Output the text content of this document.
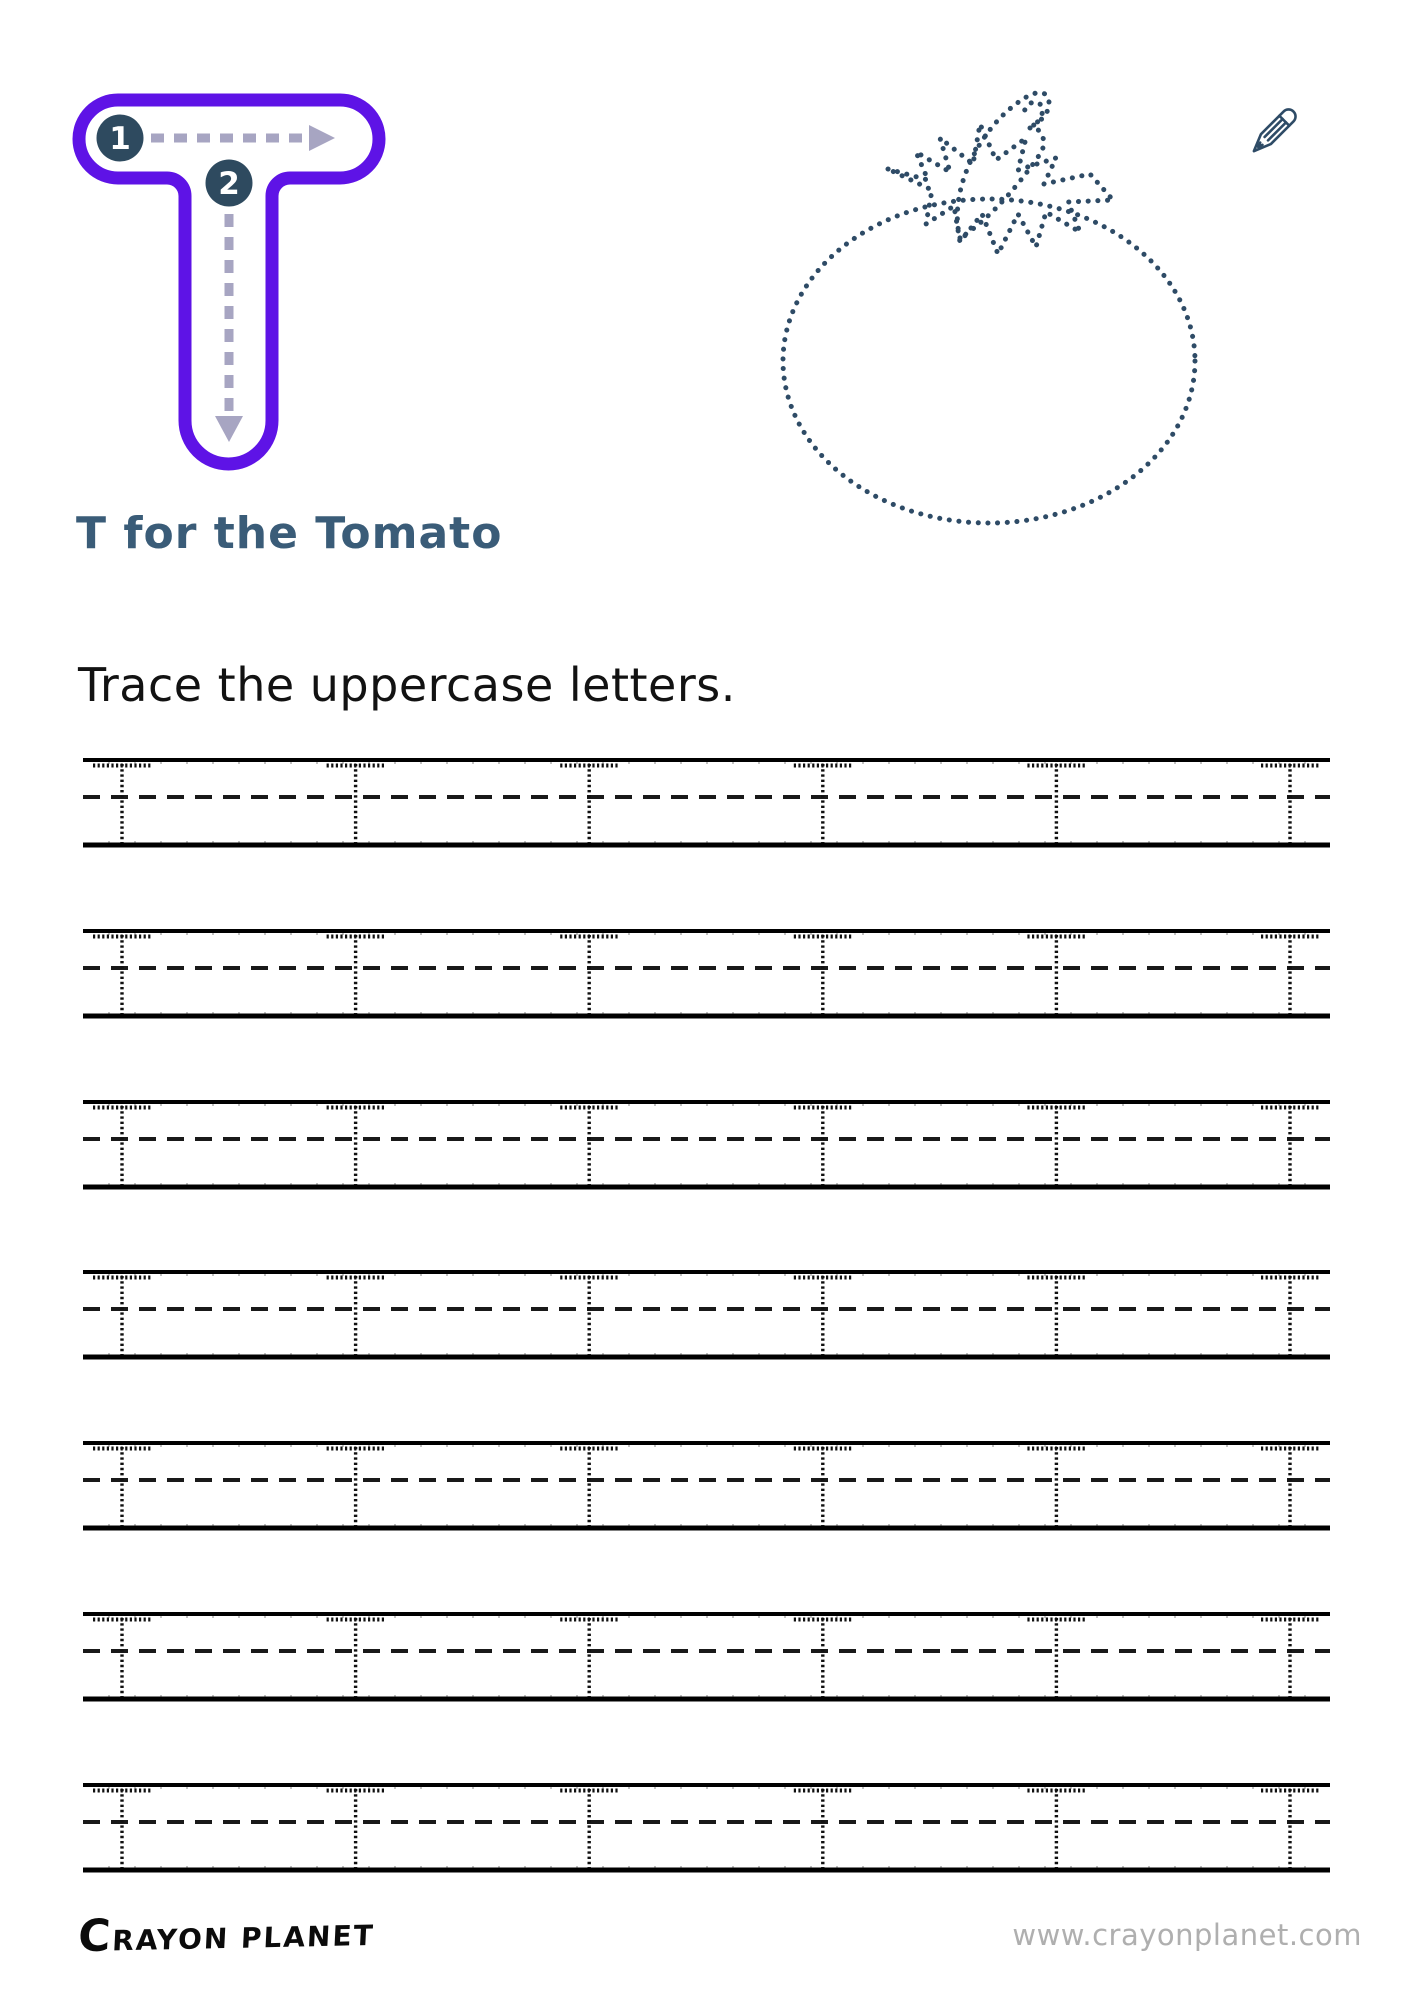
1
2
T for the Tomato
Trace the uppercase letters.
CRAYON PLANET	www.crayonplanet.com
